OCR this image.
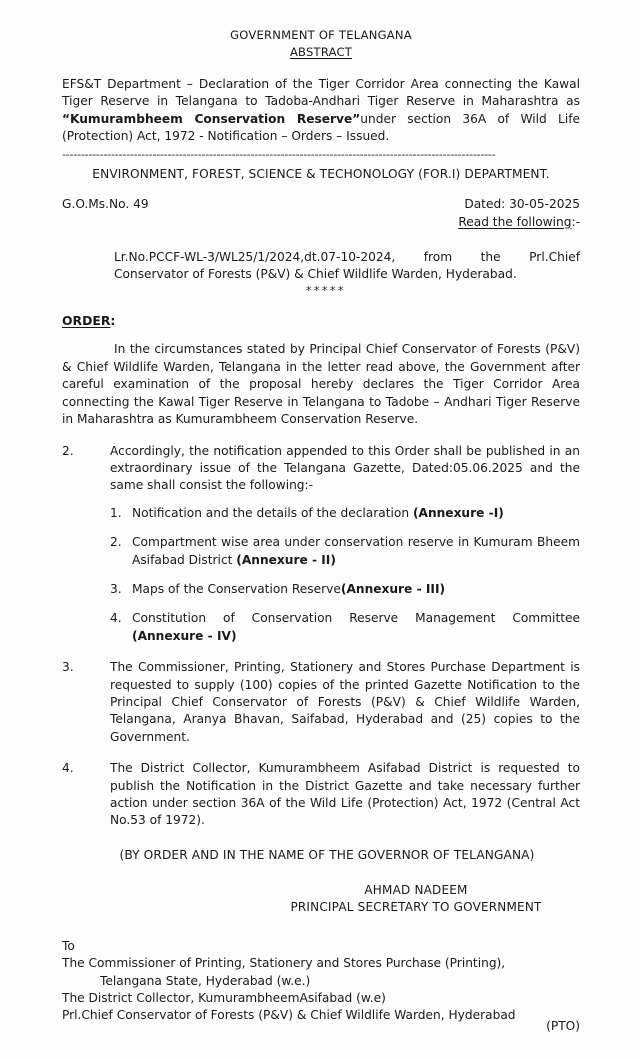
GOVERNMENT OF TELANGANA
ABSTRACT
EFS&T Department – Declaration of the Tiger Corridor Area connecting the Kawal Tiger Reserve in Telangana to Tadoba-Andhari Tiger Reserve in Maharashtra as “Kumurambheem Conservation Reserve”under section 36A of Wild Life (Protection) Act, 1972 - Notification – Orders – Issued.
-------------------------------------------------------------------------------------------------------------------
ENVIRONMENT, FOREST, SCIENCE & TECHONOLOGY (FOR.I) DEPARTMENT.
G.O.Ms.No. 49	Dated: 30-05-2025
Read the following:-
Lr.No.PCCF-WL-3/WL25/1/2024,dt.07-10-2024, from the Prl.Chief Conservator of Forests (P&V) & Chief Wildlife Warden, Hyderabad.
*****
ORDER:
In the circumstances stated by Principal Chief Conservator of Forests (P&V) & Chief Wildlife Warden, Telangana in the letter read above, the Government after careful examination of the proposal hereby declares the Tiger Corridor Area connecting the Kawal Tiger Reserve in Telangana to Tadobe – Andhari Tiger Reserve in Maharashtra as Kumurambheem Conservation Reserve.
2.	Accordingly, the notification appended to this Order shall be published in an extraordinary issue of the Telangana Gazette, Dated:05.06.2025 and the same shall consist the following:-
1. Notification and the details of the declaration (Annexure -I)
2. Compartment wise area under conservation reserve in Kumuram Bheem Asifabad District (Annexure - II)
3. Maps of the Conservation Reserve(Annexure - III)
4. Constitution of Conservation Reserve Management Committee (Annexure - IV)
3.	The Commissioner, Printing, Stationery and Stores Purchase Department is requested to supply (100) copies of the printed Gazette Notification to the Principal Chief Conservator of Forests (P&V) & Chief Wildlife Warden, Telangana, Aranya Bhavan, Saifabad, Hyderabad and (25) copies to the Government.
4.	The District Collector, Kumurambheem Asifabad District is requested to publish the Notification in the District Gazette and take necessary further action under section 36A of the Wild Life (Protection) Act, 1972 (Central Act No.53 of 1972).
(BY ORDER AND IN THE NAME OF THE GOVERNOR OF TELANGANA)
AHMAD NADEEM
PRINCIPAL SECRETARY TO GOVERNMENT
To
The Commissioner of Printing, Stationery and Stores Purchase (Printing),
Telangana State, Hyderabad (w.e.)
The District Collector, KumurambheemAsifabad (w.e)
Prl.Chief Conservator of Forests (P&V) & Chief Wildlife Warden, Hyderabad
(PTO)
